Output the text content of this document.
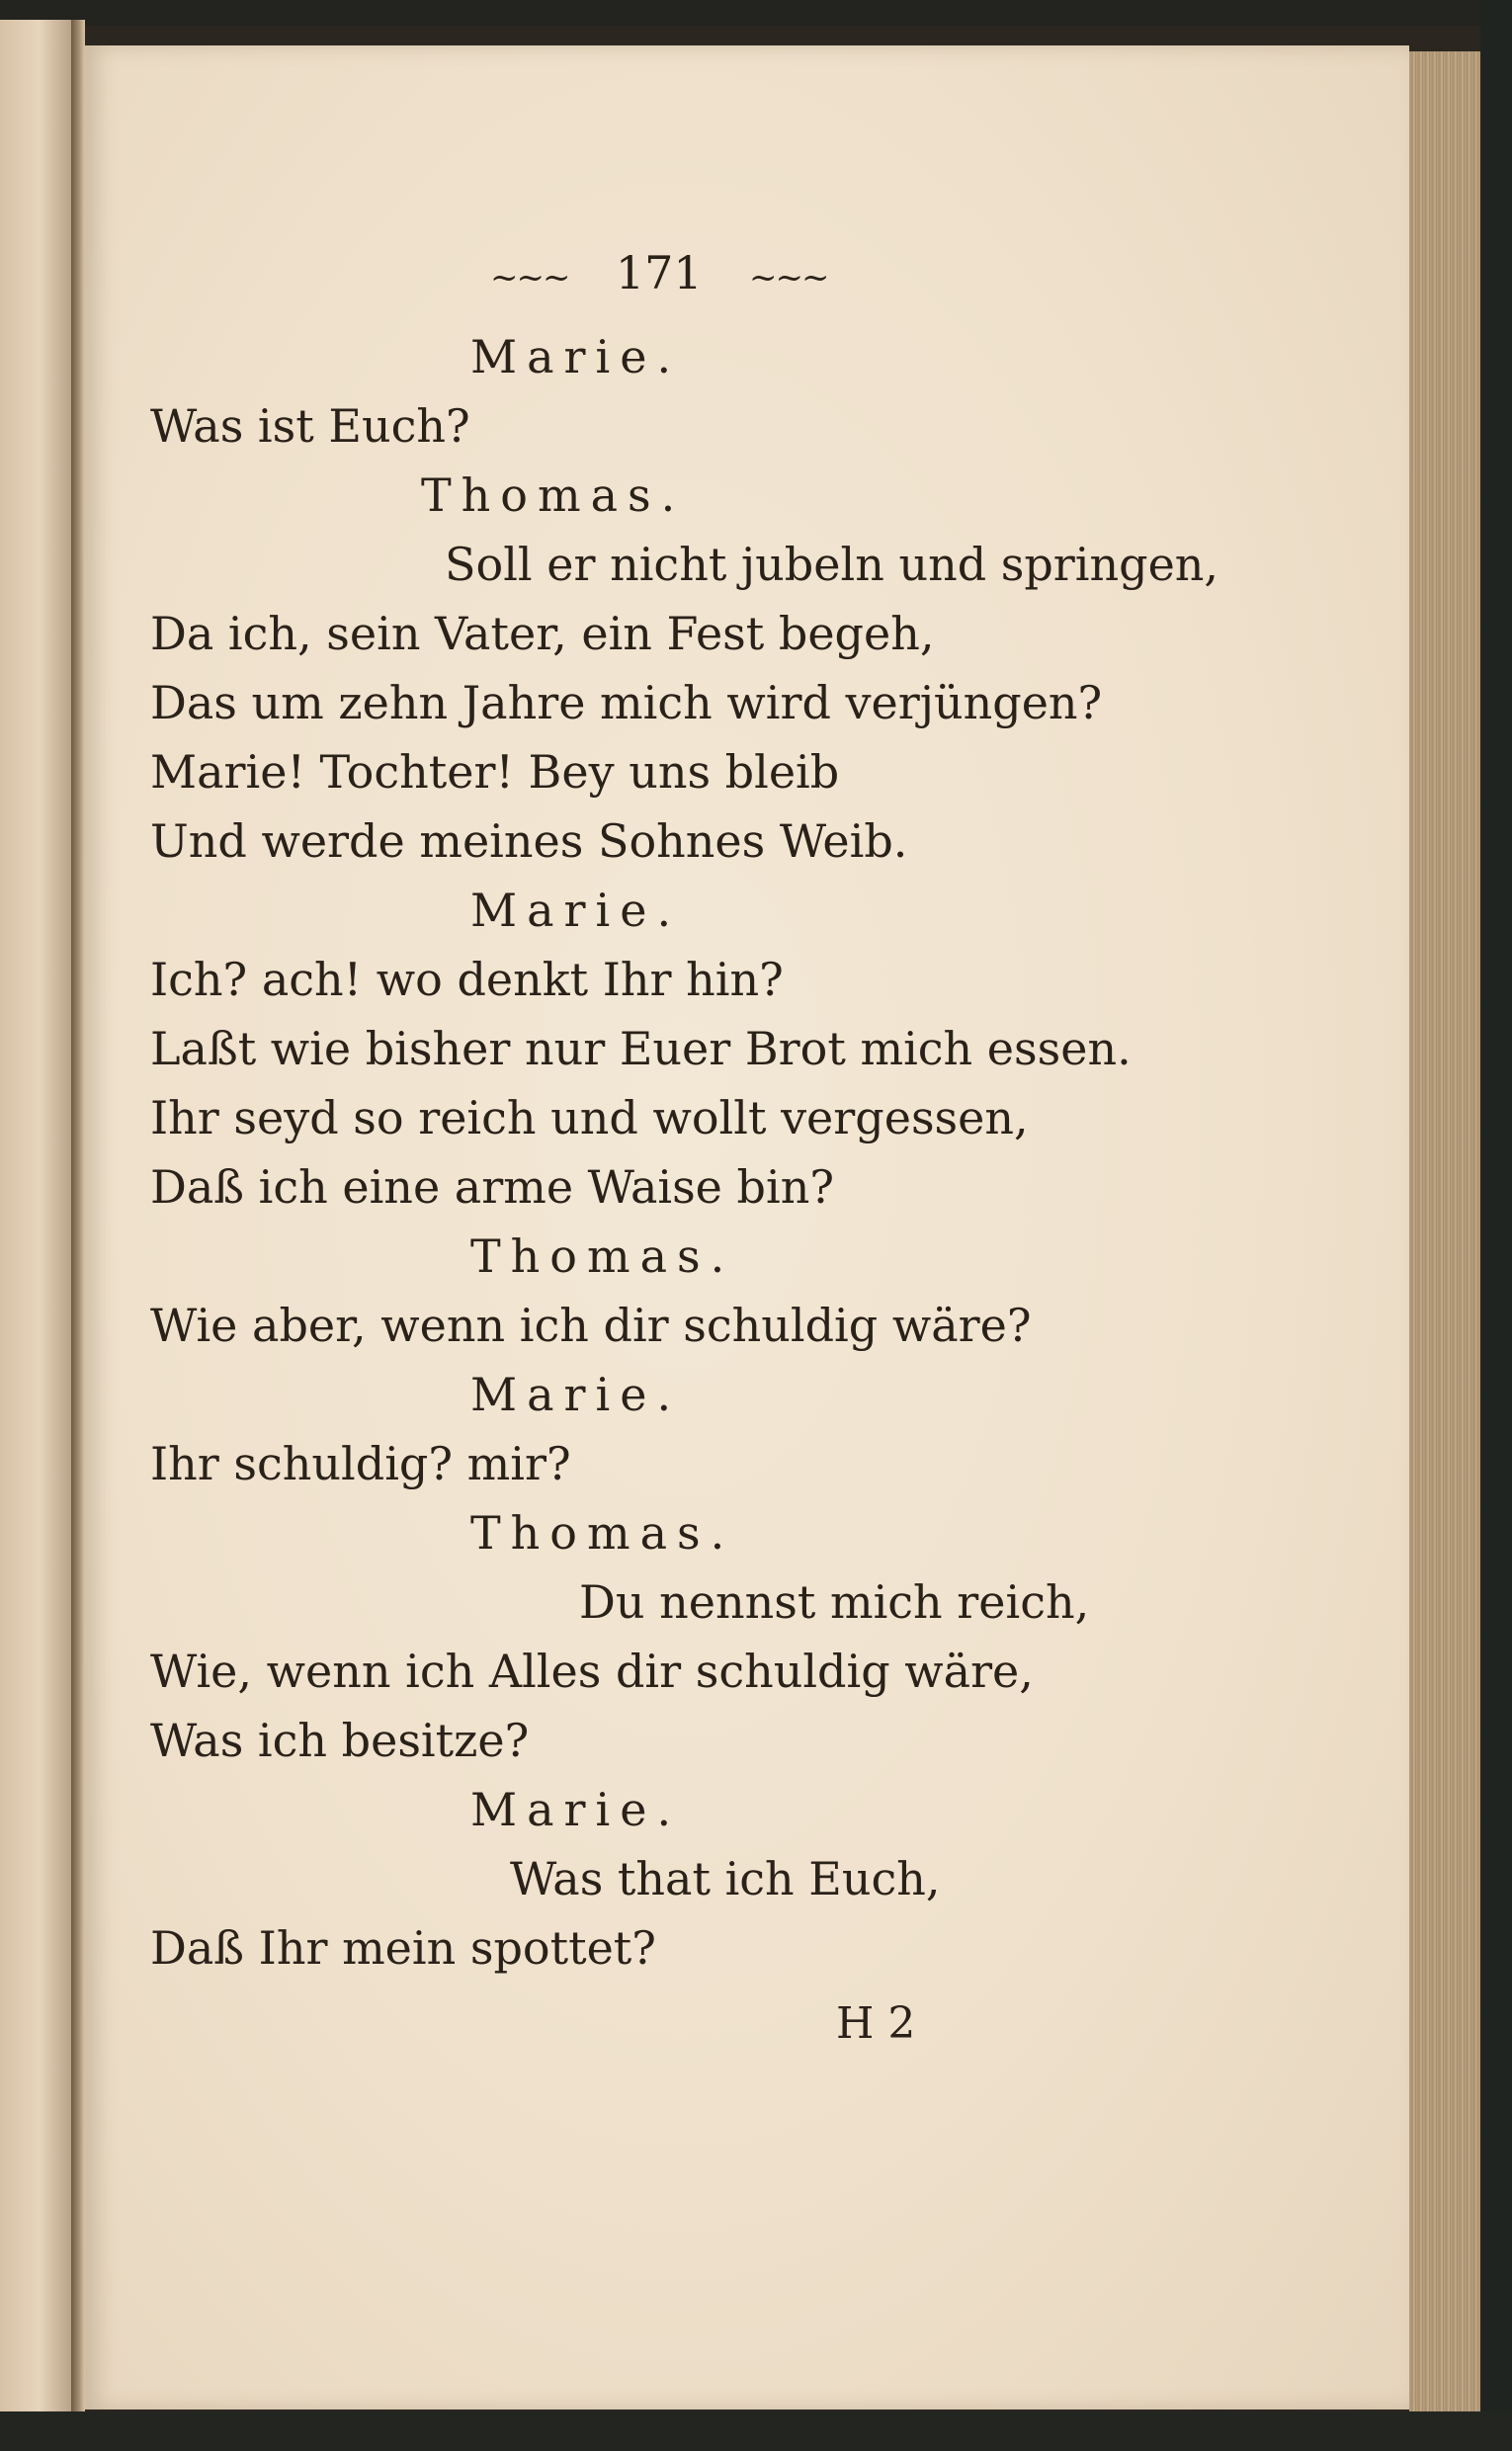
~~~ 171 ~~~
Marie.
Was ist Euch?
Thomas.
Soll er nicht jubeln und springen,
Da ich, sein Vater, ein Fest begeh,
Das um zehn Jahre mich wird verjüngen?
Marie! Tochter! Bey uns bleib
Und werde meines Sohnes Weib.
Marie.
Ich? ach! wo denkt Ihr hin?
Laßt wie bisher nur Euer Brot mich essen.
Ihr seyd so reich und wollt vergessen,
Daß ich eine arme Waise bin?
Thomas.
Wie aber, wenn ich dir schuldig wäre?
Marie.
Ihr schuldig? mir?
Thomas.
Du nennst mich reich,
Wie, wenn ich Alles dir schuldig wäre,
Was ich besitze?
Marie.
Was that ich Euch,
Daß Ihr mein spottet?
H 2
